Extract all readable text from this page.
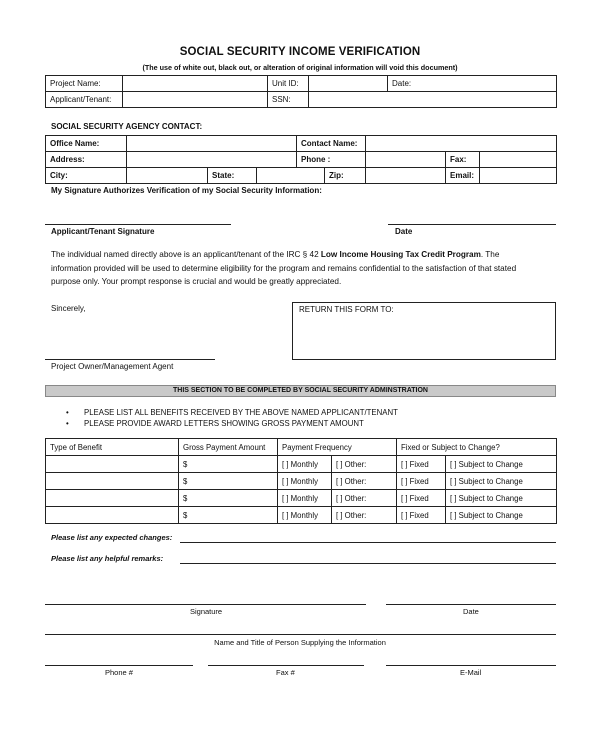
SOCIAL SECURITY INCOME VERIFICATION
(The use of white out, black out, or alteration of original information will void this document)
Project Name:		Unit ID:		Date:
Applicant/Tenant:		SSN:		
SOCIAL SECURITY AGENCY CONTACT:
Office Name:				Contact Name:				
Address:				Phone :			Fax:	
City:		State:			Zip:		Email:	
My Signature Authorizes Verification of my Social Security Information:
Applicant/Tenant Signature	Date
The individual named directly above is an applicant/tenant of the IRC § 42 Low Income Housing Tax Credit Program. The
information provided will be used to determine eligibility for the program and remains confidential to the satisfaction of that stated
purpose only. Your prompt response is crucial and would be greatly appreciated.
Sincerely,	RETURN THIS FORM TO:
Project Owner/Management Agent
THIS SECTION TO BE COMPLETED BY SOCIAL SECURITY ADMINSTRATION
• PLEASE LIST ALL BENEFITS RECEIVED BY THE ABOVE NAMED APPLICANT/TENANT
• PLEASE PROVIDE AWARD LETTERS SHOWING GROSS PAYMENT AMOUNT
Type of Benefit	Gross Payment Amount	Payment Frequency		Fixed or Subject to Change?	
	$	[ ] Monthly	[ ] Other:	[ ] Fixed	[ ] Subject to Change
	$	[ ] Monthly	[ ] Other:	[ ] Fixed	[ ] Subject to Change
	$	[ ] Monthly	[ ] Other:	[ ] Fixed	[ ] Subject to Change
	$	[ ] Monthly	[ ] Other:	[ ] Fixed	[ ] Subject to Change
Please list any expected changes:
Please list any helpful remarks:
Signature	Date
Name and Title of Person Supplying the Information
Phone #	Fax #	E-Mail
